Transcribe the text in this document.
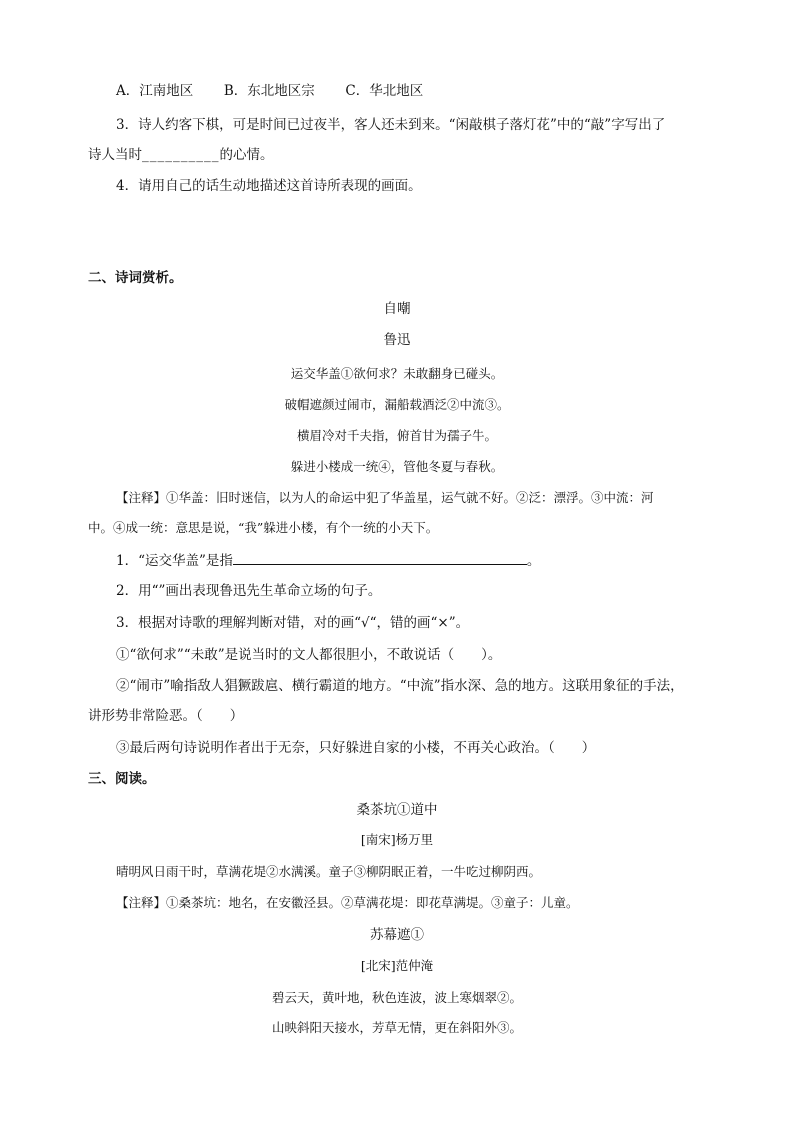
A．江南地区 B．东北地区宗 C．华北地区
3．诗人约客下棋，可是时间已过夜半，客人还未到来。“闲敲棋子落灯花”中的“敲”字写出了
诗人当时__________的心情。
4．请用自己的话生动地描述这首诗所表现的画面。
二、诗词赏析。
自嘲
鲁迅
运交华盖①欲何求？未敢翻身已碰头。
破帽遮颜过闹市，漏船载酒泛②中流③。
横眉冷对千夫指，俯首甘为孺子牛。
躲进小楼成一统④，管他冬夏与春秋。
【注释】①华盖：旧时迷信，以为人的命运中犯了华盖星，运气就不好。②泛：漂浮。③中流：河
中。④成一统：意思是说，“我”躲进小楼，有个一统的小天下。
1．“运交华盖”是指	。
2．用“”画出表现鲁迅先生革命立场的句子。
3．根据对诗歌的理解判断对错，对的画“√“，错的画“×”。
①“欲何求”“未敢”是说当时的文人都很胆小，不敢说话（　　）。
②“闹市”喻指敌人猖獗跋扈、横行霸道的地方。“中流”指水深、急的地方。这联用象征的手法，
讲形势非常险恶。（　　）
③最后两句诗说明作者出于无奈，只好躲进自家的小楼，不再关心政治。（　　）
三、阅读。
桑茶坑①道中
[南宋]杨万里
晴明风日雨干时，草满花堤②水满溪。童子③柳阴眠正着，一牛吃过柳阴西。
【注释】①桑茶坑：地名，在安徽泾县。②草满花堤：即花草满堤。③童子：儿童。
苏幕遮①
[北宋]范仲淹
碧云天，黄叶地，秋色连波，波上寒烟翠②。
山映斜阳天接水，芳草无情，更在斜阳外③。
